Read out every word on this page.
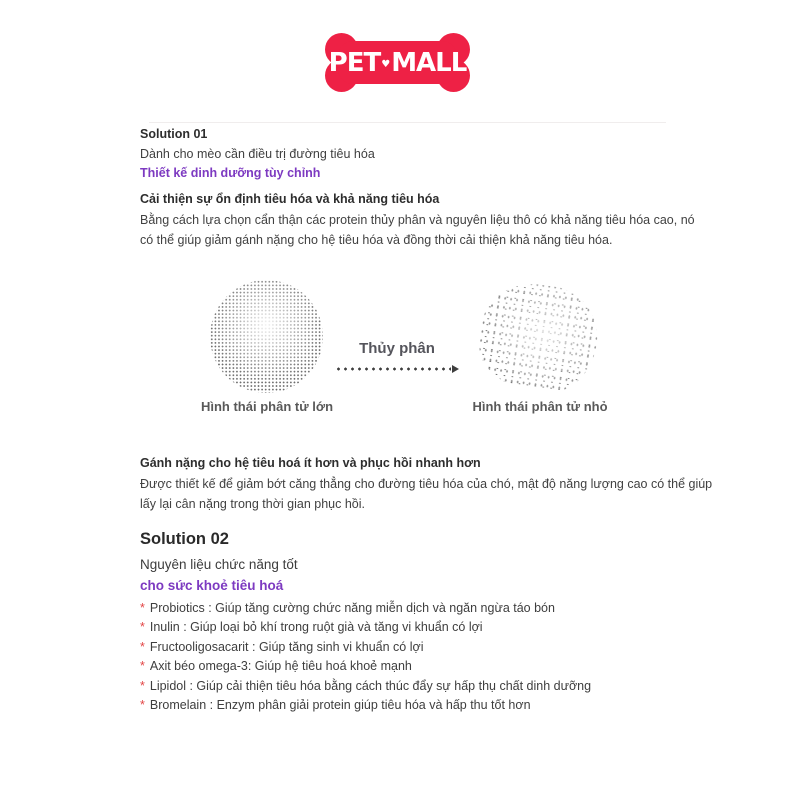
PET ♥ MALL
Solution 01
Dành cho mèo cần điều trị đường tiêu hóa
Thiết kế dinh dưỡng tùy chỉnh
Cải thiện sự ổn định tiêu hóa và khả năng tiêu hóa
Bằng cách lựa chọn cẩn thận các protein thủy phân và nguyên liệu thô có khả năng tiêu hóa cao, nó có thể giúp giảm gánh nặng cho hệ tiêu hóa và đồng thời cải thiện khả năng tiêu hóa.
Thủy phân
Hình thái phân tử lớn	Hình thái phân tử nhỏ
Gánh nặng cho hệ tiêu hoá ít hơn và phục hồi nhanh hơn
Được thiết kế để giảm bớt căng thẳng cho đường tiêu hóa của chó, mật độ năng lượng cao có thể giúp lấy lại cân nặng trong thời gian phục hồi.
Solution 02
Nguyên liệu chức năng tốt
cho sức khoẻ tiêu hoá
* Probiotics : Giúp tăng cường chức năng miễn dịch và ngăn ngừa táo bón
* Inulin : Giúp loại bỏ khí trong ruột già và tăng vi khuẩn có lợi
* Fructooligosacarit : Giúp tăng sinh vi khuẩn có lợi
* Axit béo omega-3: Giúp hệ tiêu hoá khoẻ mạnh
* Lipidol : Giúp cải thiện tiêu hóa bằng cách thúc đẩy sự hấp thụ chất dinh dưỡng
* Bromelain : Enzym phân giải protein giúp tiêu hóa và hấp thu tốt hơn
